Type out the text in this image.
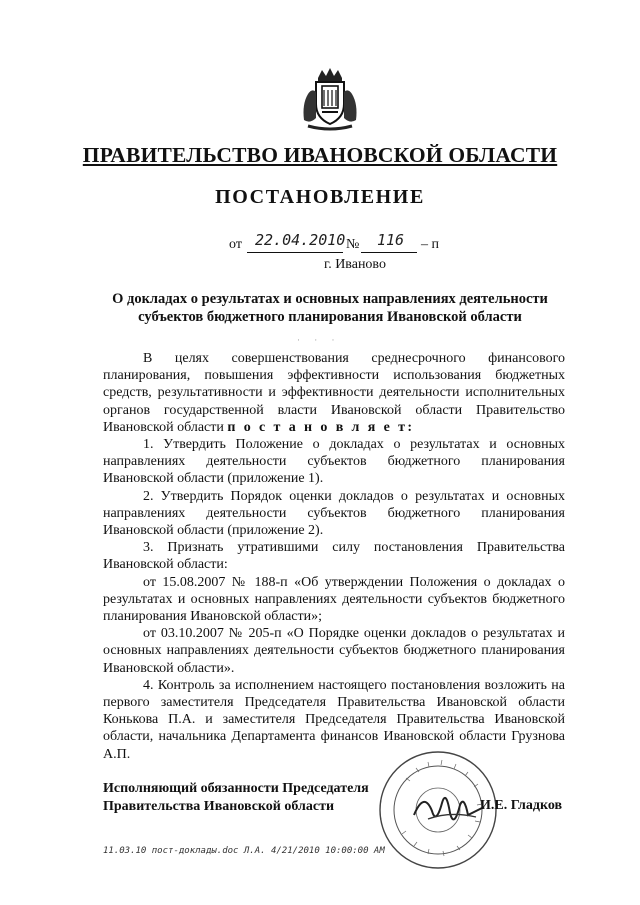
ПРАВИТЕЛЬСТВО ИВАНОВСКОЙ ОБЛАСТИ
ПОСТАНОВЛЕНИЕ
от 22.04.2010 № 116 – п
г. Иваново
О докладах о результатах и основных направлениях деятельности субъектов бюджетного планирования Ивановской области
· · ·

В целях совершенствования среднесрочного финансового планирования, повышения эффективности использования бюджетных средств, результативности и эффективности деятельности исполнительных органов государственной власти Ивановской области Правительство Ивановской области п о с т а н о в л я е т:

1. Утвердить Положение о докладах о результатах и основных направлениях деятельности субъектов бюджетного планирования Ивановской области (приложение 1).

2. Утвердить Порядок оценки докладов о результатах и основных направлениях деятельности субъектов бюджетного планирования Ивановской области (приложение 2).

3. Признать утратившими силу постановления Правительства Ивановской области:

от 15.08.2007 № 188-п «Об утверждении Положения о докладах о результатах и основных направлениях деятельности субъектов бюджетного планирования Ивановской области»;

от 03.10.2007 № 205-п «О Порядке оценки докладов о результатах и основных направлениях деятельности субъектов бюджетного планирования Ивановской области».

4. Контроль за исполнением настоящего постановления возложить на первого заместителя Председателя Правительства Ивановской области Конькова П.А. и заместителя Председателя Правительства Ивановской области, начальника Департамента финансов Ивановской области Грузнова А.П.

Исполняющий обязанности Председателя
Правительства Ивановской области	И.Е. Гладков
11.03.10 пост-доклады.doc Л.А. 4/21/2010 10:00:00 AM
